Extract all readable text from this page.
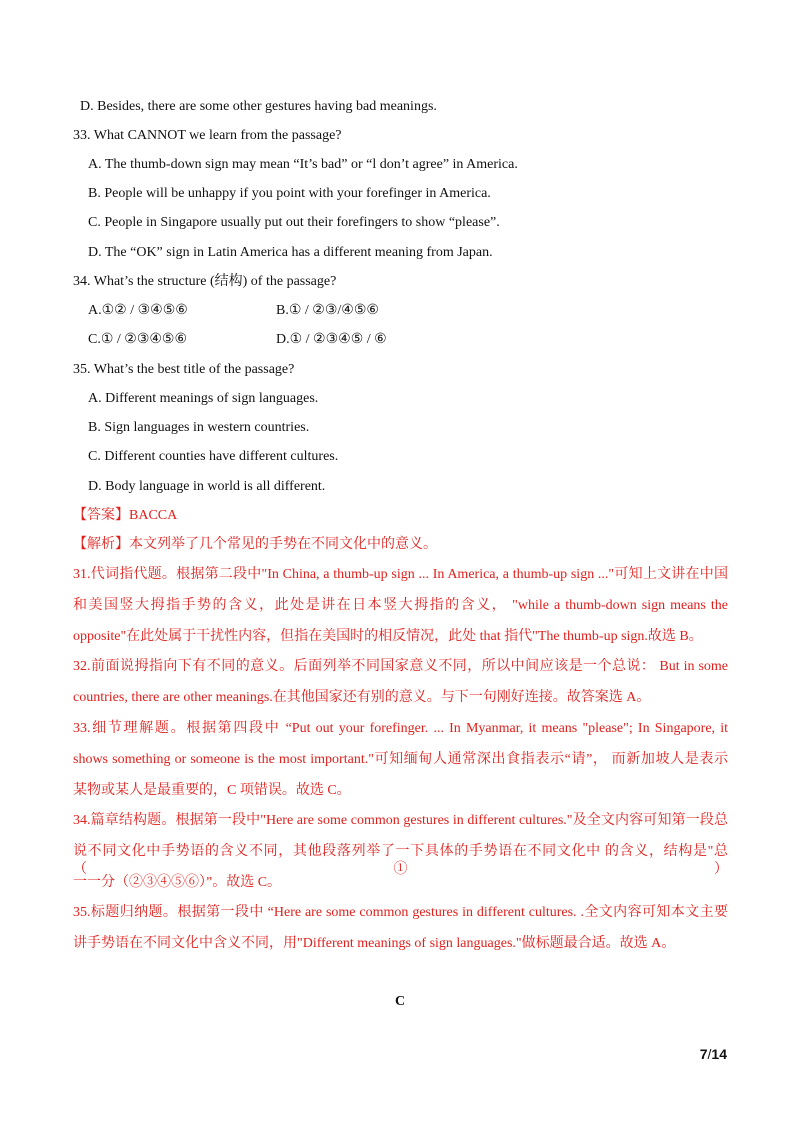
D. Besides, there are some other gestures having bad meanings.
33. What CANNOT we learn from the passage?
A. The thumb-down sign may mean “It’s bad” or “l don’t agree” in America.
B. People will be unhappy if you point with your forefinger in America.
C. People in Singapore usually put out their forefingers to show “please”.
D. The “OK” sign in Latin America has a different meaning from Japan.
34. What’s the structure (结构) of the passage?
A.①② / ③④⑤⑥	B.① / ②③/④⑤⑥
C.① / ②③④⑤⑥	D.① / ②③④⑤ / ⑥
35. What’s the best title of the passage?
A. Different meanings of sign languages.
B. Sign languages in western countries.
C. Different counties have different cultures.
D. Body language in world is all different.
【答案】BACCA
【解析】本文列举了几个常见的手势在不同文化中的意义。
31.代词指代题。根据第二段中"In China, a thumb-up sign ... In America, a thumb-up sign ..."可知上文讲在中国
和美国竖大拇指手势的含义，此处是讲在日本竖大拇指的含义， "while a thumb-down sign means the
opposite"在此处属于干扰性内容，但指在美国时的相反情况，此处 that 指代"The thumb-up sign.故选 B。
32.前面说拇指向下有不同的意义。后面列举不同国家意义不同，所以中间应该是一个总说： But in some
countries, there are other meanings.在其他国家还有别的意义。与下一句刚好连接。故答案选 A。
33.细节理解题。根据第四段中 “Put out your forefinger. ... In Myanmar, it means "please"; In Singapore, it
shows something or someone is the most important."可知缅甸人通常深出食指表示“请”， 而新加坡人是表示
某物或某人是最重要的，C 项错误。故选 C。
34.篇章结构题。根据第一段中"Here are some common gestures in different cultures."及全文内容可知第一段总
说不同文化中手势语的含义不同，其他段落列举了一下具体的手势语在不同文化中 的含义，结构是"总（①）
一一分（②③④⑤⑥）”。故选 C。
35.标题归纳题。根据第一段中 “Here are some common gestures in different cultures. .全文内容可知本文主要
讲手势语在不同文化中含义不同，用"Different meanings of sign languages."做标题最合适。故选 A。
C
7/14
